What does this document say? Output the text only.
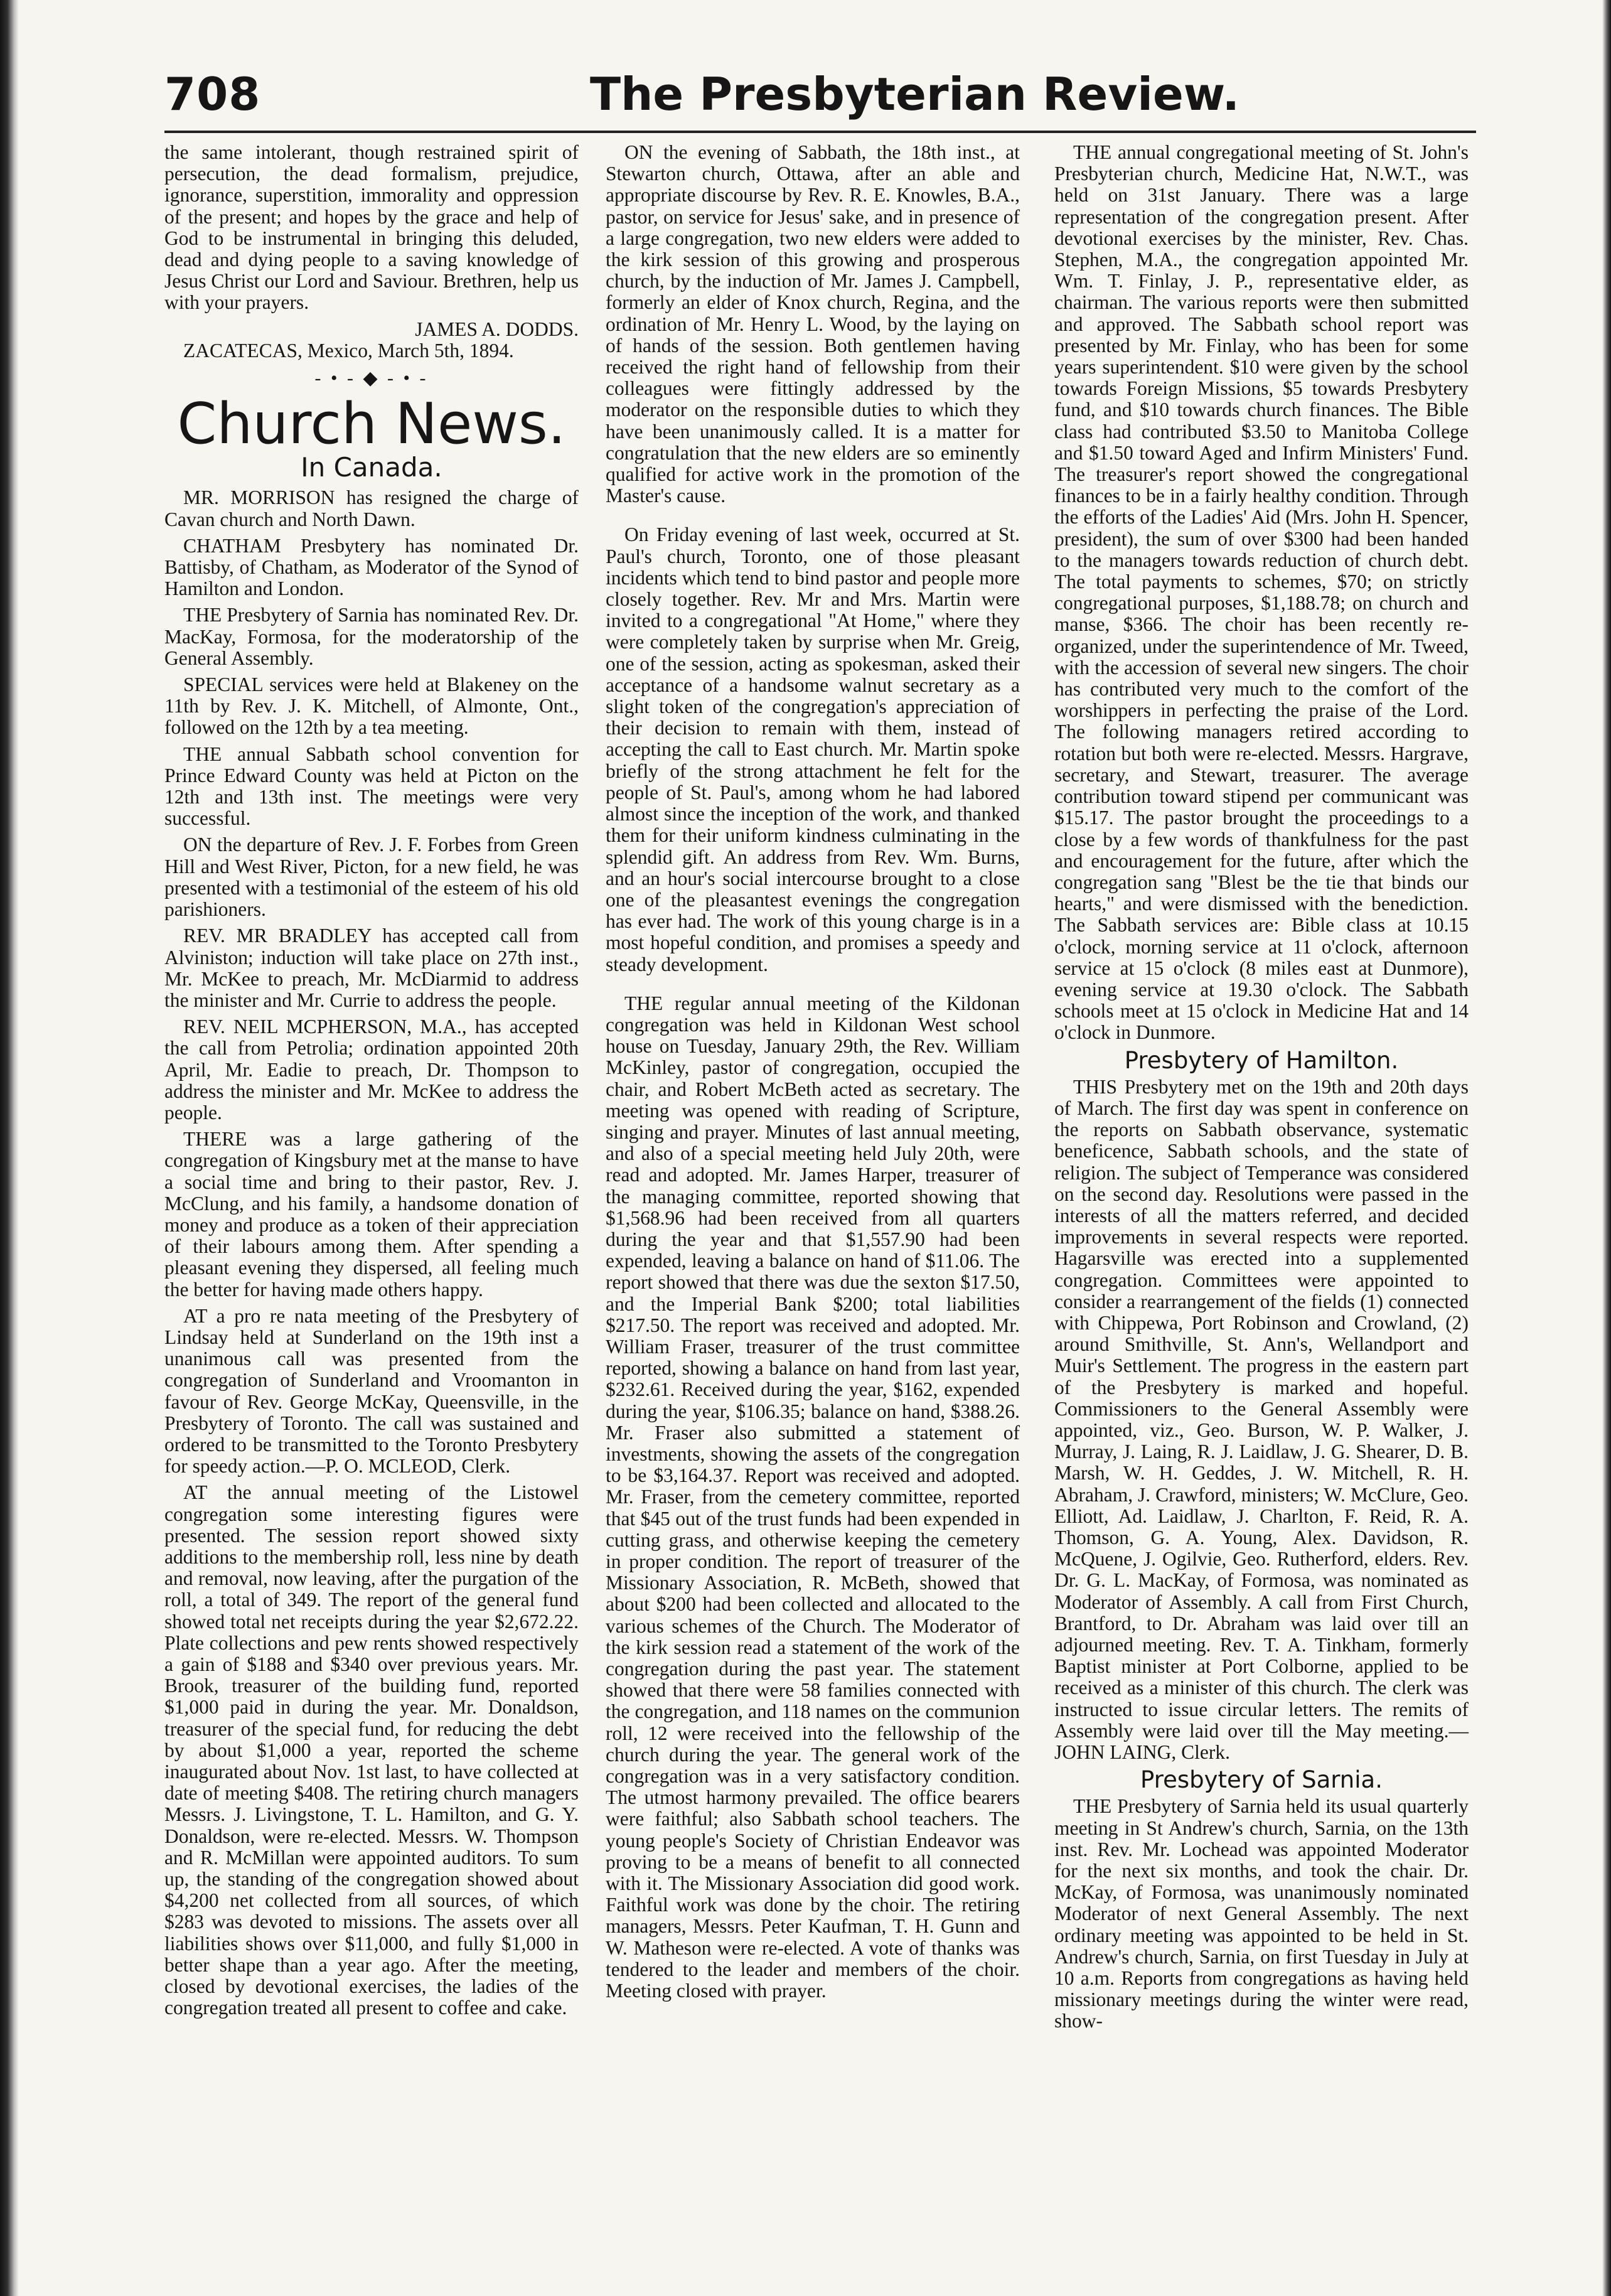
708	The Presbyterian Review.

the same intolerant, though restrained spirit of persecution, the dead formalism, prejudice, ignorance, superstition, immorality and oppression of the present; and hopes by the grace and help of God to be instrumental in bringing this deluded, dead and dying people to a saving knowledge of Jesus Christ our Lord and Saviour. Brethren, help us with your prayers.

JAMES A. DODDS.

ZACATECAS, Mexico, March 5th, 1894.

- • - ◆ - • -
Church News.
In Canada.

MR. MORRISON has resigned the charge of Cavan church and North Dawn.

CHATHAM Presbytery has nominated Dr. Battisby, of Chatham, as Moderator of the Synod of Hamilton and London.

THE Presbytery of Sarnia has nominated Rev. Dr. MacKay, Formosa, for the moderatorship of the General Assembly.

SPECIAL services were held at Blakeney on the 11th by Rev. J. K. Mitchell, of Almonte, Ont., followed on the 12th by a tea meeting.

THE annual Sabbath school convention for Prince Edward County was held at Picton on the 12th and 13th inst. The meetings were very successful.

ON the departure of Rev. J. F. Forbes from Green Hill and West River, Picton, for a new field, he was presented with a testimonial of the esteem of his old parishioners.

REV. MR BRADLEY has accepted call from Alviniston; induction will take place on 27th inst., Mr. McKee to preach, Mr. McDiarmid to address the minister and Mr. Currie to address the people.

REV. NEIL MCPHERSON, M.A., has accepted the call from Petrolia; ordination appointed 20th April, Mr. Eadie to preach, Dr. Thompson to address the minister and Mr. McKee to address the people.

THERE was a large gathering of the congregation of Kingsbury met at the manse to have a social time and bring to their pastor, Rev. J. McClung, and his family, a handsome donation of money and produce as a token of their appreciation of their labours among them. After spending a pleasant evening they dispersed, all feeling much the better for having made others happy.

AT a pro re nata meeting of the Presbytery of Lindsay held at Sunderland on the 19th inst a unanimous call was presented from the congregation of Sunderland and Vroomanton in favour of Rev. George McKay, Queensville, in the Presbytery of Toronto. The call was sustained and ordered to be transmitted to the Toronto Presbytery for speedy action.—P. O. MCLEOD, Clerk.

AT the annual meeting of the Listowel congregation some interesting figures were presented. The session report showed sixty additions to the membership roll, less nine by death and removal, now leaving, after the purgation of the roll, a total of 349. The report of the general fund showed total net receipts during the year $2,672.22. Plate collections and pew rents showed respectively a gain of $188 and $340 over previous years. Mr. Brook, treasurer of the building fund, reported $1,000 paid in during the year. Mr. Donaldson, treasurer of the special fund, for reducing the debt by about $1,000 a year, reported the scheme inaugurated about Nov. 1st last, to have collected at date of meeting $408. The retiring church managers Messrs. J. Livingstone, T. L. Hamilton, and G. Y. Donaldson, were re-elected. Messrs. W. Thompson and R. McMillan were appointed auditors. To sum up, the standing of the congregation showed about $4,200 net collected from all sources, of which $283 was devoted to missions. The assets over all liabilities shows over $11,000, and fully $1,000 in better shape than a year ago. After the meeting, closed by devotional exercises, the ladies of the congregation treated all present to coffee and cake.

ON the evening of Sabbath, the 18th inst., at Stewarton church, Ottawa, after an able and appropriate discourse by Rev. R. E. Knowles, B.A., pastor, on service for Jesus' sake, and in presence of a large congregation, two new elders were added to the kirk session of this growing and prosperous church, by the induction of Mr. James J. Campbell, formerly an elder of Knox church, Regina, and the ordination of Mr. Henry L. Wood, by the laying on of hands of the session. Both gentlemen having received the right hand of fellowship from their colleagues were fittingly addressed by the moderator on the responsible duties to which they have been unanimously called. It is a matter for congratulation that the new elders are so eminently qualified for active work in the promotion of the Master's cause.

On Friday evening of last week, occurred at St. Paul's church, Toronto, one of those pleasant incidents which tend to bind pastor and people more closely together. Rev. Mr and Mrs. Martin were invited to a congregational "At Home," where they were completely taken by surprise when Mr. Greig, one of the session, acting as spokesman, asked their acceptance of a handsome walnut secretary as a slight token of the congregation's appreciation of their decision to remain with them, instead of accepting the call to East church. Mr. Martin spoke briefly of the strong attachment he felt for the people of St. Paul's, among whom he had labored almost since the inception of the work, and thanked them for their uniform kindness culminating in the splendid gift. An address from Rev. Wm. Burns, and an hour's social intercourse brought to a close one of the pleasantest evenings the congregation has ever had. The work of this young charge is in a most hopeful condition, and promises a speedy and steady development.

THE regular annual meeting of the Kildonan congregation was held in Kildonan West school house on Tuesday, January 29th, the Rev. William McKinley, pastor of congregation, occupied the chair, and Robert McBeth acted as secretary. The meeting was opened with reading of Scripture, singing and prayer. Minutes of last annual meeting, and also of a special meeting held July 20th, were read and adopted. Mr. James Harper, treasurer of the managing committee, reported showing that $1,568.96 had been received from all quarters during the year and that $1,557.90 had been expended, leaving a balance on hand of $11.06. The report showed that there was due the sexton $17.50, and the Imperial Bank $200; total liabilities $217.50. The report was received and adopted. Mr. William Fraser, treasurer of the trust committee reported, showing a balance on hand from last year, $232.61. Received during the year, $162, expended during the year, $106.35; balance on hand, $388.26. Mr. Fraser also submitted a statement of investments, showing the assets of the congregation to be $3,164.37. Report was received and adopted. Mr. Fraser, from the cemetery committee, reported that $45 out of the trust funds had been expended in cutting grass, and otherwise keeping the cemetery in proper condition. The report of treasurer of the Missionary Association, R. McBeth, showed that about $200 had been collected and allocated to the various schemes of the Church. The Moderator of the kirk session read a statement of the work of the congregation during the past year. The statement showed that there were 58 families connected with the congregation, and 118 names on the communion roll, 12 were received into the fellowship of the church during the year. The general work of the congregation was in a very satisfactory condition. The utmost harmony prevailed. The office bearers were faithful; also Sabbath school teachers. The young people's Society of Christian Endeavor was proving to be a means of benefit to all connected with it. The Missionary Association did good work. Faithful work was done by the choir. The retiring managers, Messrs. Peter Kaufman, T. H. Gunn and W. Matheson were re-elected. A vote of thanks was tendered to the leader and members of the choir. Meeting closed with prayer.

THE annual congregational meeting of St. John's Presbyterian church, Medicine Hat, N.W.T., was held on 31st January. There was a large representation of the congregation present. After devotional exercises by the minister, Rev. Chas. Stephen, M.A., the congregation appointed Mr. Wm. T. Finlay, J. P., representative elder, as chairman. The various reports were then submitted and approved. The Sabbath school report was presented by Mr. Finlay, who has been for some years superintendent. $10 were given by the school towards Foreign Missions, $5 towards Presbytery fund, and $10 towards church finances. The Bible class had contributed $3.50 to Manitoba College and $1.50 toward Aged and Infirm Ministers' Fund. The treasurer's report showed the congregational finances to be in a fairly healthy condition. Through the efforts of the Ladies' Aid (Mrs. John H. Spencer, president), the sum of over $300 had been handed to the managers towards reduction of church debt. The total payments to schemes, $70; on strictly congregational purposes, $1,188.78; on church and manse, $366. The choir has been recently re-organized, under the superintendence of Mr. Tweed, with the accession of several new singers. The choir has contributed very much to the comfort of the worshippers in perfecting the praise of the Lord. The following managers retired according to rotation but both were re-elected. Messrs. Hargrave, secretary, and Stewart, treasurer. The average contribution toward stipend per communicant was $15.17. The pastor brought the proceedings to a close by a few words of thankfulness for the past and encouragement for the future, after which the congregation sang "Blest be the tie that binds our hearts," and were dismissed with the benediction. The Sabbath services are: Bible class at 10.15 o'clock, morning service at 11 o'clock, afternoon service at 15 o'clock (8 miles east at Dunmore), evening service at 19.30 o'clock. The Sabbath schools meet at 15 o'clock in Medicine Hat and 14 o'clock in Dunmore.

Presbytery of Hamilton.

THIS Presbytery met on the 19th and 20th days of March. The first day was spent in conference on the reports on Sabbath observance, systematic beneficence, Sabbath schools, and the state of religion. The subject of Temperance was considered on the second day. Resolutions were passed in the interests of all the matters referred, and decided improvements in several respects were reported. Hagarsville was erected into a supplemented congregation. Committees were appointed to consider a rearrangement of the fields (1) connected with Chippewa, Port Robinson and Crowland, (2) around Smithville, St. Ann's, Wellandport and Muir's Settlement. The progress in the eastern part of the Presbytery is marked and hopeful. Commissioners to the General Assembly were appointed, viz., Geo. Burson, W. P. Walker, J. Murray, J. Laing, R. J. Laidlaw, J. G. Shearer, D. B. Marsh, W. H. Geddes, J. W. Mitchell, R. H. Abraham, J. Crawford, ministers; W. McClure, Geo. Elliott, Ad. Laidlaw, J. Charlton, F. Reid, R. A. Thomson, G. A. Young, Alex. Davidson, R. McQuene, J. Ogilvie, Geo. Rutherford, elders. Rev. Dr. G. L. MacKay, of Formosa, was nominated as Moderator of Assembly. A call from First Church, Brantford, to Dr. Abraham was laid over till an adjourned meeting. Rev. T. A. Tinkham, formerly Baptist minister at Port Colborne, applied to be received as a minister of this church. The clerk was instructed to issue circular letters. The remits of Assembly were laid over till the May meeting.—JOHN LAING, Clerk.

Presbytery of Sarnia.

THE Presbytery of Sarnia held its usual quarterly meeting in St Andrew's church, Sarnia, on the 13th inst. Rev. Mr. Lochead was appointed Moderator for the next six months, and took the chair. Dr. McKay, of Formosa, was unanimously nominated Moderator of next General Assembly. The next ordinary meeting was appointed to be held in St. Andrew's church, Sarnia, on first Tuesday in July at 10 a.m. Reports from congregations as having held missionary meetings during the winter were read, show-
